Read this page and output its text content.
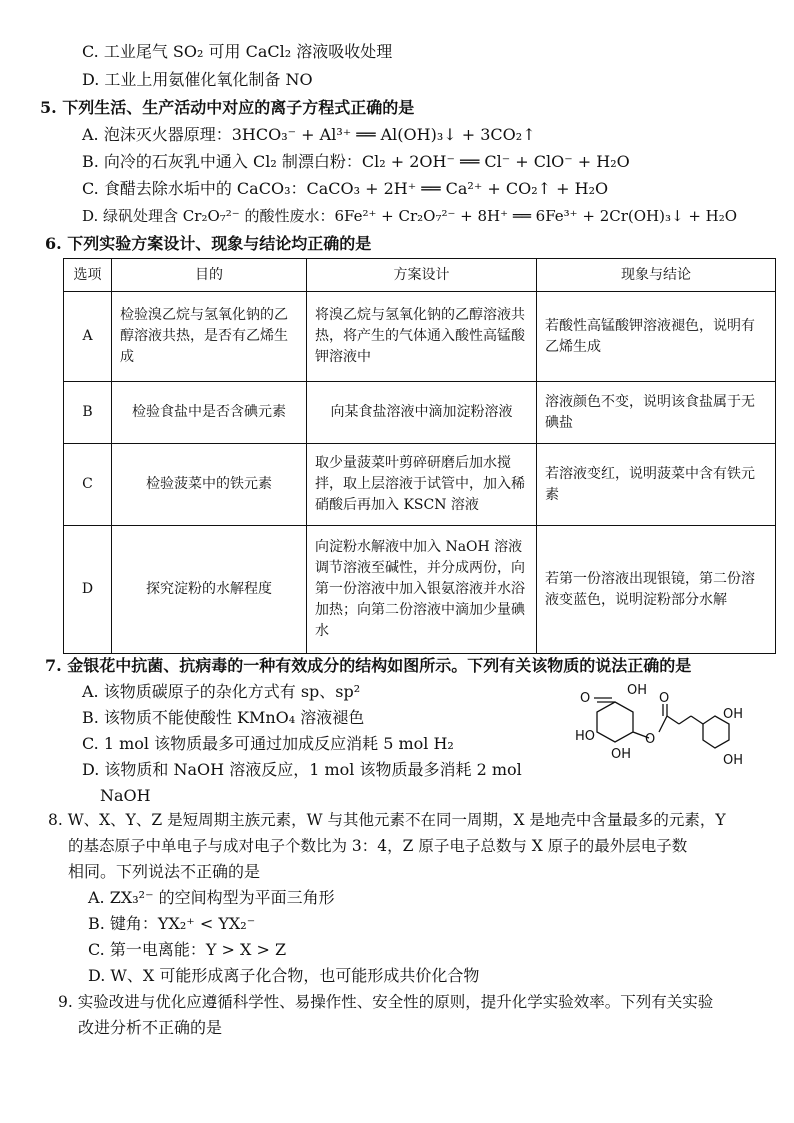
C. 工业尾气 SO₂ 可用 CaCl₂ 溶液吸收处理
D. 工业上用氨催化氧化制备 NO
5. 下列生活、生产活动中对应的离子方程式正确的是
A. 泡沫灭火器原理：3HCO₃⁻ + Al³⁺ ══ Al(OH)₃↓ + 3CO₂↑
B. 向冷的石灰乳中通入 Cl₂ 制漂白粉：Cl₂ + 2OH⁻ ══ Cl⁻ + ClO⁻ + H₂O
C. 食醋去除水垢中的 CaCO₃：CaCO₃ + 2H⁺ ══ Ca²⁺ + CO₂↑ + H₂O
D. 绿矾处理含 Cr₂O₇²⁻ 的酸性废水：6Fe²⁺ + Cr₂O₇²⁻ + 8H⁺ ══ 6Fe³⁺ + 2Cr(OH)₃↓ + H₂O
6. 下列实验方案设计、现象与结论均正确的是
选项	目的	方案设计	现象与结论
A	检验溴乙烷与氢氧化钠的乙醇溶液共热，是否有乙烯生成	将溴乙烷与氢氧化钠的乙醇溶液共热，将产生的气体通入酸性高锰酸钾溶液中	若酸性高锰酸钾溶液褪色，说明有乙烯生成
B	检验食盐中是否含碘元素	向某食盐溶液中滴加淀粉溶液	溶液颜色不变，说明该食盐属于无碘盐
C	检验菠菜中的铁元素	取少量菠菜叶剪碎研磨后加水搅拌，取上层溶液于试管中，加入稀硝酸后再加入 KSCN 溶液	若溶液变红，说明菠菜中含有铁元素
D	探究淀粉的水解程度	向淀粉水解液中加入 NaOH 溶液调节溶液至碱性，并分成两份，向第一份溶液中加入银氨溶液并水浴加热；向第二份溶液中滴加少量碘水	若第一份溶液出现银镜，第二份溶液变蓝色，说明淀粉部分水解
7. 金银花中抗菌、抗病毒的一种有效成分的结构如图所示。下列有关该物质的说法正确的是
A. 该物质碳原子的杂化方式有 sp、sp²
B. 该物质不能使酸性 KMnO₄ 溶液褪色
C. 1 mol 该物质最多可通过加成反应消耗 5 mol H₂
D. 该物质和 NaOH 溶液反应，1 mol 该物质最多消耗 2 mol
NaOH
O
OH
HO
OH
O
O
OH
OH
8. W、X、Y、Z 是短周期主族元素，W 与其他元素不在同一周期，X 是地壳中含量最多的元素，Y
的基态原子中单电子与成对电子个数比为 3：4，Z 原子电子总数与 X 原子的最外层电子数
相同。下列说法不正确的是
A. ZX₃²⁻ 的空间构型为平面三角形
B. 键角：YX₂⁺ < YX₂⁻
C. 第一电离能：Y > X > Z
D. W、X 可能形成离子化合物，也可能形成共价化合物
9. 实验改进与优化应遵循科学性、易操作性、安全性的原则，提升化学实验效率。下列有关实验
改进分析不正确的是
